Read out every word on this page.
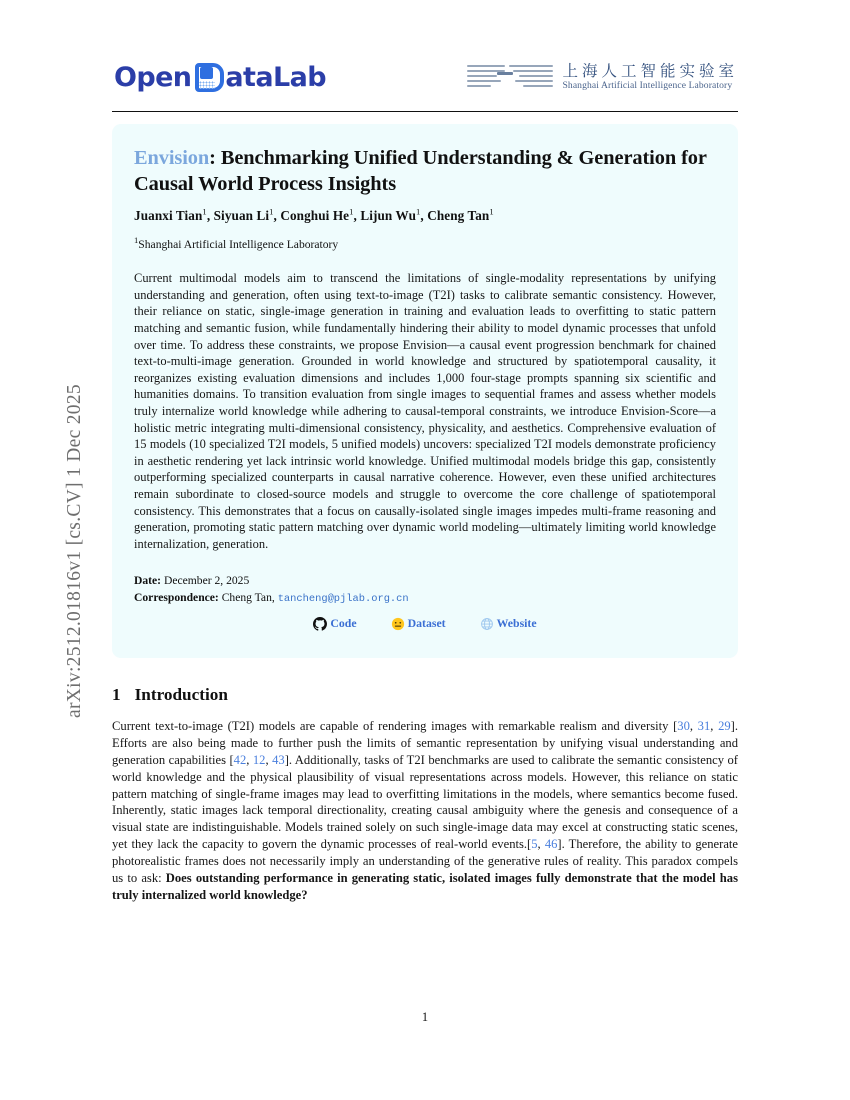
arXiv:2512.01816v1 [cs.CV] 1 Dec 2025
Open ataLab	上海人工智能实验室
Shanghai Artificial Intelligence Laboratory
Envision: Benchmarking Unified Understanding & Generation for Causal World Process Insights
Juanxi Tian$^1$, Siyuan Li$^1$, Conghui He$^1$, Lijun Wu$^1$, Cheng Tan$^1$
$^1$Shanghai Artificial Intelligence Laboratory

Current multimodal models aim to transcend the limitations of single-modality representations by unifying understanding and generation, often using text-to-image (T2I) tasks to calibrate semantic consistency. However, their reliance on static, single-image generation in training and evaluation leads to overfitting to static pattern matching and semantic fusion, while fundamentally hindering their ability to model dynamic processes that unfold over time. To address these constraints, we propose Envision—a causal event progression benchmark for chained text-to-multi-image generation. Grounded in world knowledge and structured by spatiotemporal causality, it reorganizes existing evaluation dimensions and includes 1,000 four-stage prompts spanning six scientific and humanities domains. To transition evaluation from single images to sequential frames and assess whether models truly internalize world knowledge while adhering to causal-temporal constraints, we introduce Envision-Score—a holistic metric integrating multi-dimensional consistency, physicality, and aesthetics. Comprehensive evaluation of 15 models (10 specialized T2I models, 5 unified models) uncovers: specialized T2I models demonstrate proficiency in aesthetic rendering yet lack intrinsic world knowledge. Unified multimodal models bridge this gap, consistently outperforming specialized counterparts in causal narrative coherence. However, even these unified architectures remain subordinate to closed-source models and struggle to overcome the core challenge of spatiotemporal consistency. This demonstrates that a focus on causally-isolated single images impedes multi-frame reasoning and generation, promoting static pattern matching over dynamic world modeling—ultimately limiting world knowledge internalization, generation.

Date: December 2, 2025
Correspondence: Cheng Tan, tancheng@pjlab.org.cn
Code	Dataset	Website
1 Introduction

Current text-to-image (T2I) models are capable of rendering images with remarkable realism and diversity [30, 31, 29]. Efforts are also being made to further push the limits of semantic representation by unifying visual understanding and generation capabilities [42, 12, 43]. Additionally, tasks of T2I benchmarks are used to calibrate the semantic consistency of world knowledge and the physical plausibility of visual representations across models. However, this reliance on static pattern matching of single-frame images may lead to overfitting limitations in the models, where semantics become fused. Inherently, static images lack temporal directionality, creating causal ambiguity where the genesis and consequence of a visual state are indistinguishable. Models trained solely on such single-image data may excel at constructing static scenes, yet they lack the capacity to govern the dynamic processes of real-world events.[5, 46]. Therefore, the ability to generate photorealistic frames does not necessarily imply an understanding of the generative rules of reality. This paradox compels us to ask: Does outstanding performance in generating static, isolated images fully demonstrate that the model has truly internalized world knowledge?

1
